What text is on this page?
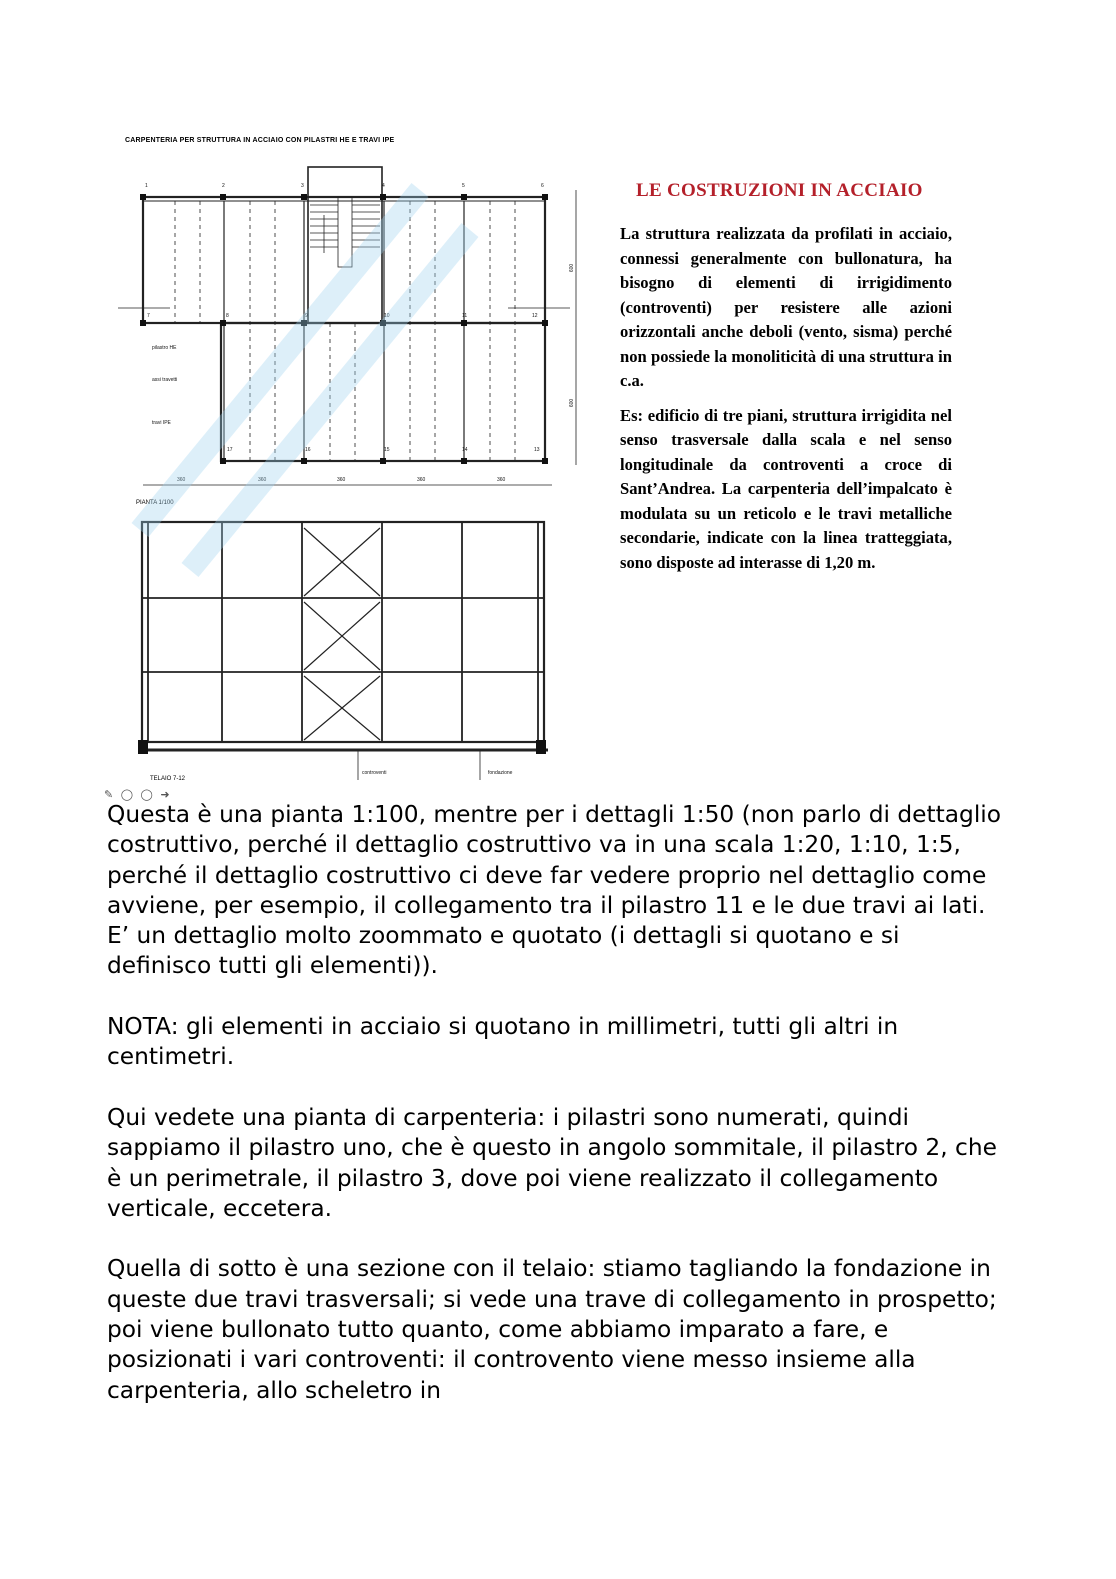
CARPENTERIA PER STRUTTURA IN ACCIAIO CON PILASTRI HE E TRAVI IPE
1	2	3	4	5	6
7	8	9	10	11	12
17	16	15	14	13
360	360	360	360	360
600
600
pilastro HE
assi travetti
travi IPE
controventi	fondazione
PIANTA 1/100
TELAIO 7-12
LE COSTRUZIONI IN ACCIAIO

La struttura realizzata da profilati in acciaio, connessi generalmente con bullonatura, ha bisogno di elementi di irrigidimento (controventi) per resistere alle azioni orizzontali anche deboli (vento, sisma) perché non possiede la monoliticità di una struttura in c.a.

Es: edificio di tre piani, struttura irrigidita nel senso trasversale dalla scala e nel senso longitudinale da controventi a croce di Sant’Andrea. La carpenteria dell’impalcato è modulata su un reticolo e le travi metalliche secondarie, indicate con la linea tratteggiata, sono disposte ad interasse di 1,20 m.

✎ ◯ ◯ ➜

Questa è una pianta 1:100, mentre per i dettagli 1:50 (non parlo di dettaglio costruttivo, perché il dettaglio costruttivo va in una scala 1:20, 1:10, 1:5, perché il dettaglio costruttivo ci deve far vedere proprio nel dettaglio come avviene, per esempio, il collegamento tra il pilastro 11 e le due travi ai lati. E’ un dettaglio molto zoommato e quotato (i dettagli si quotano e si definisco tutti gli elementi)).

NOTA: gli elementi in acciaio si quotano in millimetri, tutti gli altri in centimetri.

Qui vedete una pianta di carpenteria: i pilastri sono numerati, quindi sappiamo il pilastro uno, che è questo in angolo sommitale, il pilastro 2, che è un perimetrale, il pilastro 3, dove poi viene realizzato il collegamento verticale, eccetera.

Quella di sotto è una sezione con il telaio: stiamo tagliando la fondazione in queste due travi trasversali; si vede una trave di collegamento in prospetto; poi viene bullonato tutto quanto, come abbiamo imparato a fare, e posizionati i vari controventi: il controvento viene messo insieme alla carpenteria, allo scheletro in
